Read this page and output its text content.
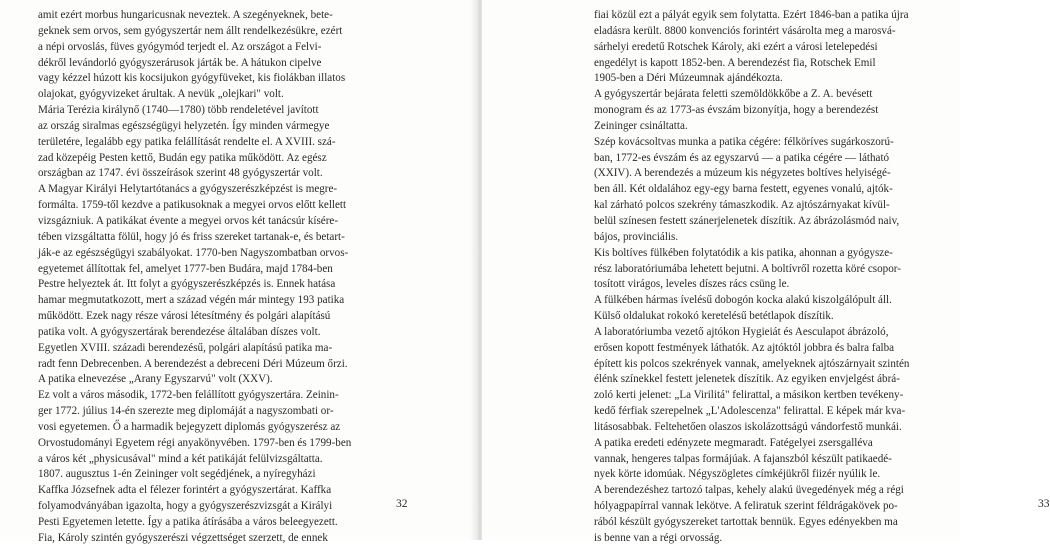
amit ezért morbus hungaricusnak neveztek. A szegényeknek, bete-
geknek sem orvos, sem gyógyszertár nem állt rendelkezésükre, ezért
a népi orvoslás, füves gyógymód terjedt el. Az országot a Felvi-
dékről levándorló gyógyszerárusok járták be. A hátukon cipelve
vagy kézzel húzott kis kocsijukon gyógyfüveket, kis fiolákban illatos
olajokat, gyógyvizeket árultak. A nevük „olejkari" volt.
Mária Terézia királynő (1740—1780) több rendeletével javított
az ország siralmas egészségügyi helyzetén. Így minden vármegye
területére, legalább egy patika felállítását rendelte el. A XVIII. szá-
zad közepéig Pesten kettő, Budán egy patika működött. Az egész
országban az 1747. évi összeírások szerint 48 gyógyszertár volt.
A Magyar Királyi Helytartótanács a gyógyszerészképzést is megre-
formálta. 1759-től kezdve a patikusoknak a megyei orvos előtt kellett
vizsgázniuk. A patikákat évente a megyei orvos két tanácsúr kísére-
tében vizsgáltatta fölül, hogy jó és friss szereket tartanak-e, és betart-
ják-e az egészségügyi szabályokat. 1770-ben Nagyszombatban orvos-
egyetemet állítottak fel, amelyet 1777-ben Budára, majd 1784-ben
Pestre helyeztek át. Itt folyt a gyógyszerészképzés is. Ennek hatása
hamar megmutatkozott, mert a század végén már mintegy 193 patika
működött. Ezek nagy része városi létesítmény és polgári alapítású
patika volt. A gyógyszertárak berendezése általában díszes volt.
Egyetlen XVIII. századi berendezésű, polgári alapítású patika ma-
radt fenn Debrecenben. A berendezést a debreceni Déri Múzeum őrzi.
A patika elnevezése „Arany Egyszarvú" volt (XXV).
Ez volt a város második, 1772-ben felállított gyógyszertára. Zeinin-
ger 1772. július 14-én szerezte meg diplomáját a nagyszombati or-
vosi egyetemen. Ő a harmadik bejegyzett diplomás gyógyszerész az
Orvostudományi Egyetem régi anyakönyvében. 1797-ben és 1799-ben
a város két „physicusával" mind a két patikáját felülvizsgáltatta.
1807. augusztus 1-én Zeininger volt segédjének, a nyíregyházi
Kaffka Józsefnek adta el félezer forintért a gyógyszertárat. Kaffka
folyamodványában igazolta, hogy a gyógyszerészvizsgát a Királyi
Pesti Egyetemen letette. Így a patika átírásába a város beleegyezett.
Fia, Károly szintén gyógyszerészi végzettséget szerzett, de ennek
32	33
fiai közül ezt a pályát egyik sem folytatta. Ezért 1846-ban a patika újra
eladásra került. 8800 konvenciós forintért vásárolta meg a marosvá-
sárhelyi eredetű Rotschek Károly, aki ezért a városi letelepedési
engedélyt is kapott 1852-ben. A berendezést fia, Rotschek Emil
1905-ben a Déri Múzeumnak ajándékozta.
A gyógyszertár bejárata feletti szemöldökkőbe a Z. A. bevésett
monogram és az 1773-as évszám bizonyítja, hogy a berendezést
Zeininger csináltatta.
Szép kovácsoltvas munka a patika cégére: félköríves sugárkoszorú-
ban, 1772-es évszám és az egyszarvú — a patika cégére — látható
(XXIV). A berendezés a múzeum kis négyzetes boltíves helyiségé-
ben áll. Két oldalához egy-egy barna festett, egyenes vonalú, ajtók-
kal zárható polcos szekrény támaszkodik. Az ajtószárnyakat kívül-
belül színesen festett szánerjelenetek díszítik. Az ábrázolásmód naiv,
bájos, provinciális.
Kis boltíves fülkében folytatódik a kis patika, ahonnan a gyógysze-
rész laboratóriumába lehetett bejutni. A boltívről rozetta köré csopor-
tosított virágos, leveles díszes rács csüng le.
A fülkében hármas ívelésű dobogón kocka alakú kiszolgálópult áll.
Külső oldalukat rokokó keretelésű betétlapok díszítik.
A laboratóriumba vezető ajtókon Hygieiát és Aesculapot ábrázoló,
erősen kopott festmények láthatók. Az ajtóktól jobbra és balra falba
épített kis polcos szekrények vannak, amelyeknek ajtószárnyait szintén
élénk színekkel festett jelenetek díszítik. Az egyiken envjelgést ábrá-
zoló kerti jelenet: „La Virilitá" felirattal, a másikon kertben tevékeny-
kedő férfiak szerepelnek „L'Adolescenza" felirattal. E képek már kva-
litásosabbak. Feltehetően olaszos iskolázottságú vándorfestő munkái.
A patika eredeti edényzete megmaradt. Fatégelyei zsersgalléva
vannak, hengeres talpas formájúak. A fajanszból készült patikaedé-
nyek körte idomúak. Négyszögletes címkéjükről fiizér nyúlik le.
A berendezéshez tartozó talpas, kehely alakú üvegedények még a régi
hólyagpapírral vannak lekötve. A feliratuk szerint féldrágakövek po-
rából készült gyógyszereket tartottak bennük. Egyes edényekben ma
is benne van a régi orvosság.
